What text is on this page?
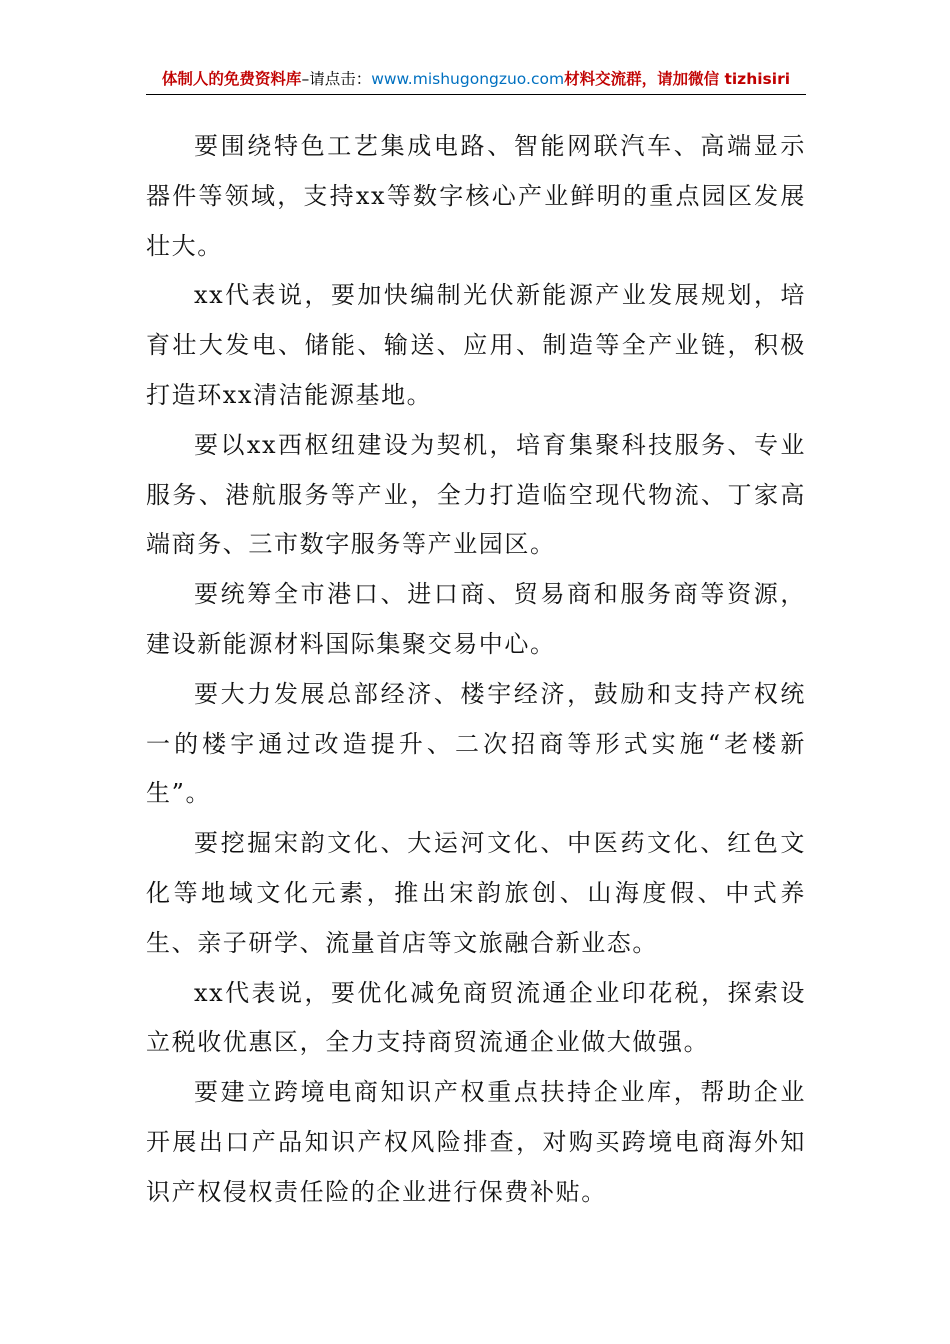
体制人的免费资料库–请点击：www.mishugongzuo.com材料交流群，请加微信 tizhisiri

要围绕特色工艺集成电路、智能网联汽车、高端显示器件等领域，支持xx等数字核心产业鲜明的重点园区发展壮大。

xx代表说，要加快编制光伏新能源产业发展规划，培育壮大发电、储能、输送、应用、制造等全产业链，积极打造环xx清洁能源基地。

要以xx西枢纽建设为契机，培育集聚科技服务、专业服务、港航服务等产业，全力打造临空现代物流、丁家高端商务、三市数字服务等产业园区。

要统筹全市港口、进口商、贸易商和服务商等资源，建设新能源材料国际集聚交易中心。

要大力发展总部经济、楼宇经济，鼓励和支持产权统一的楼宇通过改造提升、二次招商等形式实施“老楼新生”。

要挖掘宋韵文化、大运河文化、中医药文化、红色文化等地域文化元素，推出宋韵旅创、山海度假、中式养生、亲子研学、流量首店等文旅融合新业态。

xx代表说，要优化减免商贸流通企业印花税，探索设立税收优惠区，全力支持商贸流通企业做大做强。

要建立跨境电商知识产权重点扶持企业库，帮助企业开展出口产品知识产权风险排查，对购买跨境电商海外知识产权侵权责任险的企业进行保费补贴。
